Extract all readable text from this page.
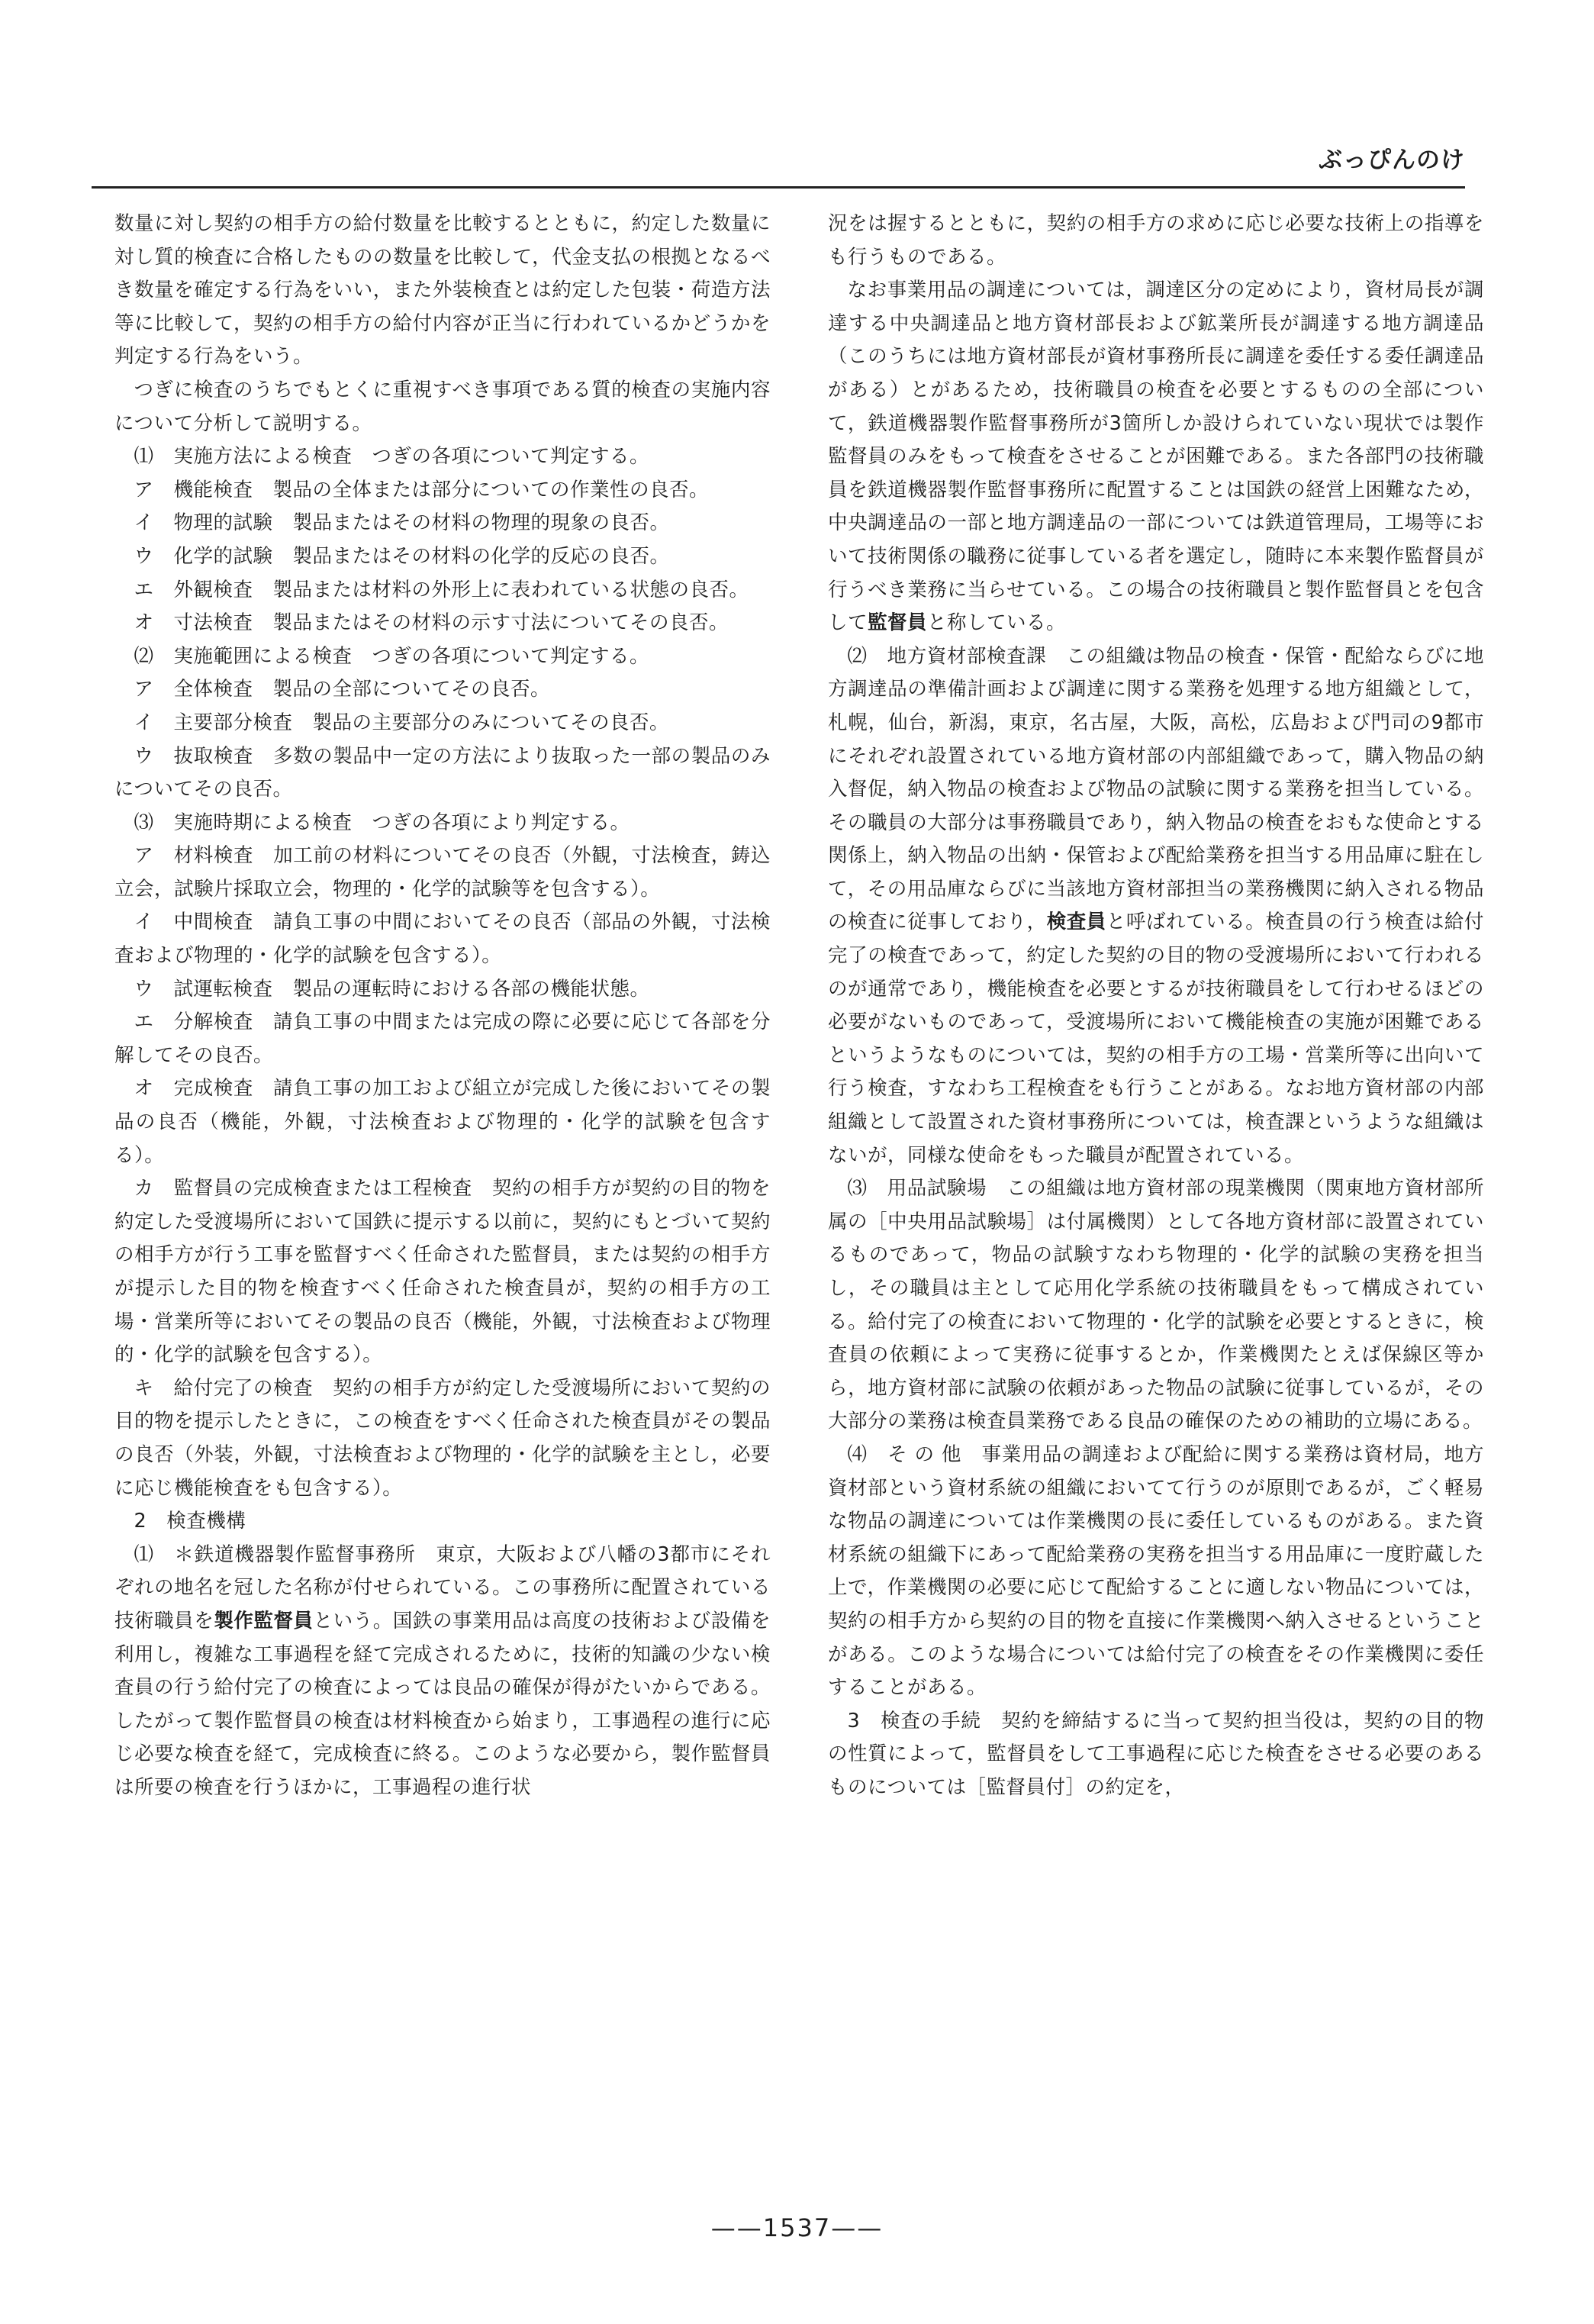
ぶっぴんのけ

数量に対し契約の相手方の給付数量を比較するとともに，約定した数量に対し質的検査に合格したものの数量を比較して，代金支払の根拠となるべき数量を確定する行為をいい，また外装検査とは約定した包装・荷造方法等に比較して，契約の相手方の給付内容が正当に行われているかどうかを判定する行為をいう。

つぎに検査のうちでもとくに重視すべき事項である質的検査の実施内容について分析して説明する。

⑴　実施方法による検査　つぎの各項について判定する。

ア　機能検査　製品の全体または部分についての作業性の良否。

イ　物理的試験　製品またはその材料の物理的現象の良否。

ウ　化学的試験　製品またはその材料の化学的反応の良否。

エ　外観検査　製品または材料の外形上に表われている状態の良否。

オ　寸法検査　製品またはその材料の示す寸法についてその良否。

⑵　実施範囲による検査　つぎの各項について判定する。

ア　全体検査　製品の全部についてその良否。

イ　主要部分検査　製品の主要部分のみについてその良否。

ウ　抜取検査　多数の製品中一定の方法により抜取った一部の製品のみについてその良否。

⑶　実施時期による検査　つぎの各項により判定する。

ア　材料検査　加工前の材料についてその良否（外観，寸法検査，鋳込立会，試験片採取立会，物理的・化学的試験等を包含する）。

イ　中間検査　請負工事の中間においてその良否（部品の外観，寸法検査および物理的・化学的試験を包含する）。

ウ　試運転検査　製品の運転時における各部の機能状態。

エ　分解検査　請負工事の中間または完成の際に必要に応じて各部を分解してその良否。

オ　完成検査　請負工事の加工および組立が完成した後においてその製品の良否（機能，外観，寸法検査および物理的・化学的試験を包含する）。

カ　監督員の完成検査または工程検査　契約の相手方が契約の目的物を約定した受渡場所において国鉄に提示する以前に，契約にもとづいて契約の相手方が行う工事を監督すべく任命された監督員，または契約の相手方が提示した目的物を検査すべく任命された検査員が，契約の相手方の工場・営業所等においてその製品の良否（機能，外観，寸法検査および物理的・化学的試験を包含する）。

キ　給付完了の検査　契約の相手方が約定した受渡場所において契約の目的物を提示したときに，この検査をすべく任命された検査員がその製品の良否（外装，外観，寸法検査および物理的・化学的試験を主とし，必要に応じ機能検査をも包含する）。

2　検査機構

⑴　＊鉄道機器製作監督事務所　東京，大阪および八幡の3都市にそれぞれの地名を冠した名称が付せられている。この事務所に配置されている技術職員を製作監督員という。国鉄の事業用品は高度の技術および設備を利用し，複雑な工事過程を経て完成されるために，技術的知識の少ない検査員の行う給付完了の検査によっては良品の確保が得がたいからである。したがって製作監督員の検査は材料検査から始まり，工事過程の進行に応じ必要な検査を経て，完成検査に終る。このような必要から，製作監督員は所要の検査を行うほかに，工事過程の進行状

況をは握するとともに，契約の相手方の求めに応じ必要な技術上の指導をも行うものである。

なお事業用品の調達については，調達区分の定めにより，資材局長が調達する中央調達品と地方資材部長および鉱業所長が調達する地方調達品（このうちには地方資材部長が資材事務所長に調達を委任する委任調達品がある）とがあるため，技術職員の検査を必要とするものの全部について，鉄道機器製作監督事務所が3箇所しか設けられていない現状では製作監督員のみをもって検査をさせることが困難である。また各部門の技術職員を鉄道機器製作監督事務所に配置することは国鉄の経営上困難なため，中央調達品の一部と地方調達品の一部については鉄道管理局，工場等において技術関係の職務に従事している者を選定し，随時に本来製作監督員が行うべき業務に当らせている。この場合の技術職員と製作監督員とを包含して監督員と称している。

⑵　地方資材部検査課　この組織は物品の検査・保管・配給ならびに地方調達品の準備計画および調達に関する業務を処理する地方組織として，札幌，仙台，新潟，東京，名古屋，大阪，高松，広島および門司の9都市にそれぞれ設置されている地方資材部の内部組織であって，購入物品の納入督促，納入物品の検査および物品の試験に関する業務を担当している。その職員の大部分は事務職員であり，納入物品の検査をおもな使命とする関係上，納入物品の出納・保管および配給業務を担当する用品庫に駐在して，その用品庫ならびに当該地方資材部担当の業務機関に納入される物品の検査に従事しており，検査員と呼ばれている。検査員の行う検査は給付完了の検査であって，約定した契約の目的物の受渡場所において行われるのが通常であり，機能検査を必要とするが技術職員をして行わせるほどの必要がないものであって，受渡場所において機能検査の実施が困難であるというようなものについては，契約の相手方の工場・営業所等に出向いて行う検査，すなわち工程検査をも行うことがある。なお地方資材部の内部組織として設置された資材事務所については，検査課というような組織はないが，同様な使命をもった職員が配置されている。

⑶　用品試験場　この組織は地方資材部の現業機関（関東地方資材部所属の［中央用品試験場］は付属機関）として各地方資材部に設置されているものであって，物品の試験すなわち物理的・化学的試験の実務を担当し，その職員は主として応用化学系統の技術職員をもって構成されている。給付完了の検査において物理的・化学的試験を必要とするときに，検査員の依頼によって実務に従事するとか，作業機関たとえば保線区等から，地方資材部に試験の依頼があった物品の試験に従事しているが，その大部分の業務は検査員業務である良品の確保のための補助的立場にある。

⑷　そ の 他　事業用品の調達および配給に関する業務は資材局，地方資材部という資材系統の組織においてて行うのが原則であるが，ごく軽易な物品の調達については作業機関の長に委任しているものがある。また資材系統の組織下にあって配給業務の実務を担当する用品庫に一度貯蔵した上で，作業機関の必要に応じて配給することに適しない物品については，契約の相手方から契約の目的物を直接に作業機関へ納入させるということがある。このような場合については給付完了の検査をその作業機関に委任することがある。

3　検査の手続　契約を締結するに当って契約担当役は，契約の目的物の性質によって，監督員をして工事過程に応じた検査をさせる必要のあるものについては［監督員付］の約定を，

——1537——
